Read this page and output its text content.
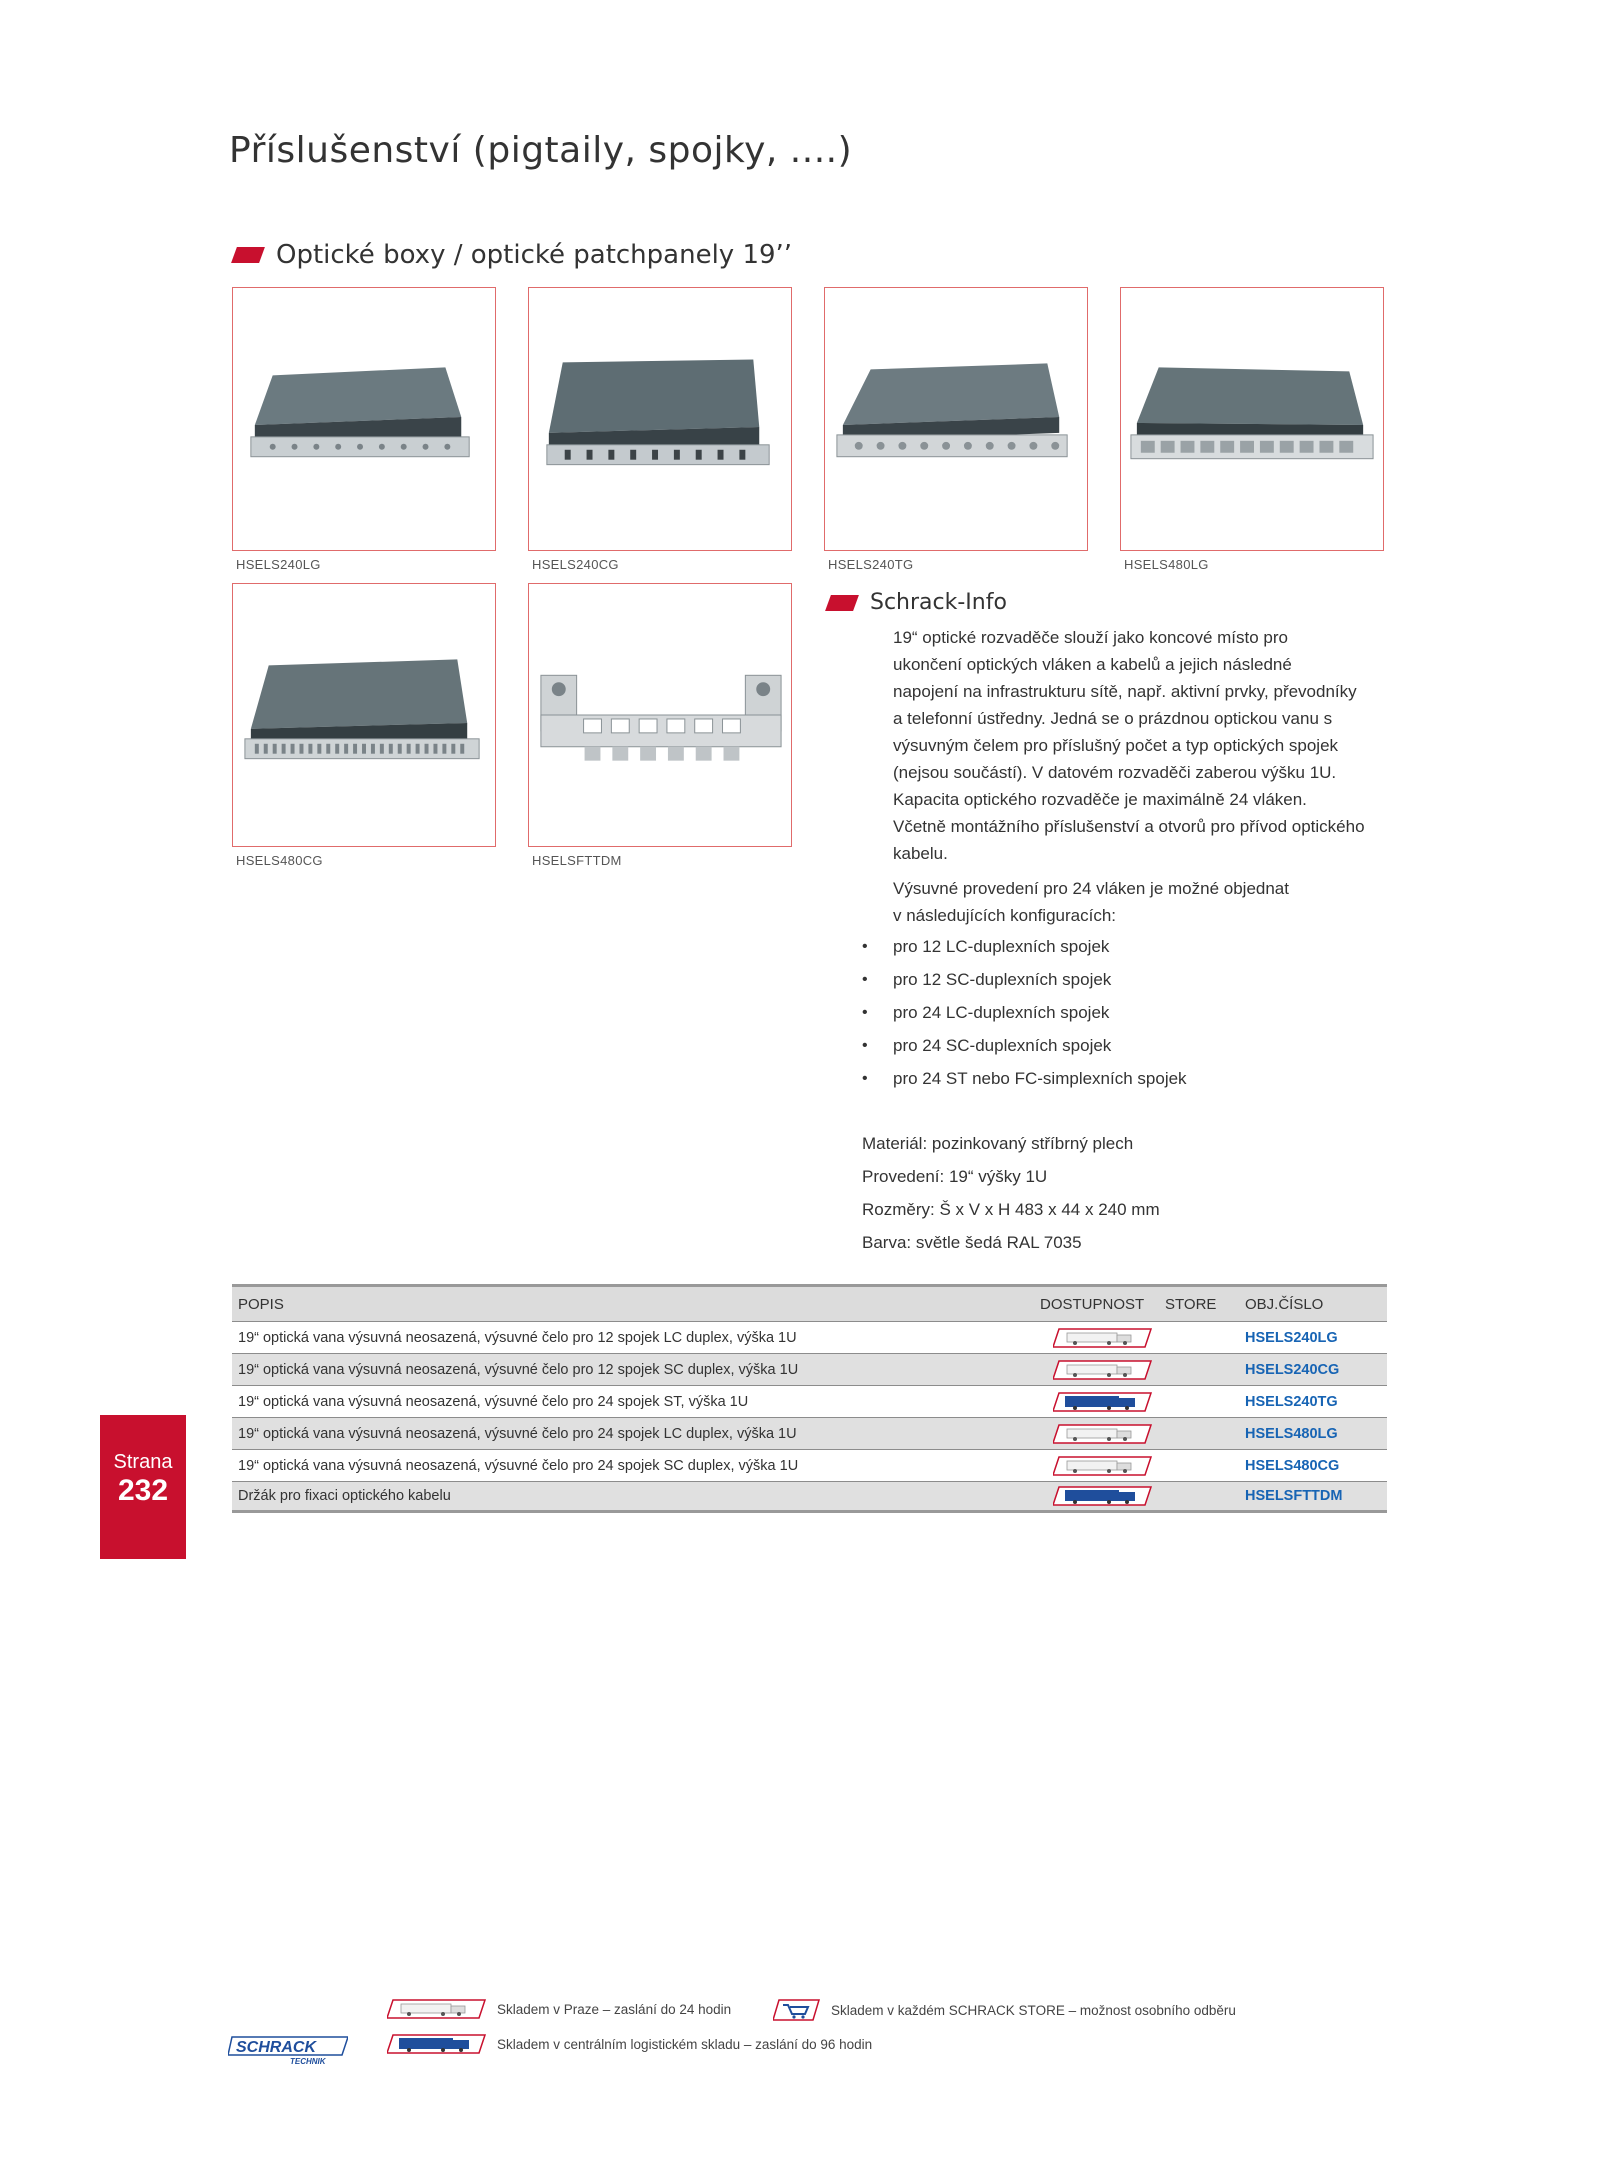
Příslušenství (pigtaily, spojky, ....)
Optické boxy / optické patchpanely 19’’
HSELS240LG	HSELS240CG	HSELS240TG	HSELS480LG
HSELS480CG	HSELSFTTDM
Schrack-Info

19“ optické rozvaděče slouží jako koncové místo pro

ukončení optických vláken a kabelů a jejich následné

napojení na infrastrukturu sítě, např. aktivní prvky, převodníky

a telefonní ústředny. Jedná se o prázdnou optickou vanu s

výsuvným čelem pro příslušný počet a typ optických spojek

(nejsou součástí). V datovém rozvaděči zaberou výšku 1U.

Kapacita optického rozvaděče je maximálně 24 vláken.

Včetně montážního příslušenství a otvorů pro přívod optického

kabelu.

Výsuvné provedení pro 24 vláken je možné objednat

v následujících konfiguracích:

•	pro 12 LC-duplexních spojek
•	pro 12 SC-duplexních spojek
•	pro 24 LC-duplexních spojek
•	pro 24 SC-duplexních spojek
•	pro 24 ST nebo FC-simplexních spojek
Materiál: pozinkovaný stříbrný plech
Provedení: 19“ výšky 1U
Rozměry: Š x V x H 483 x 44 x 240 mm
Barva: světle šedá RAL 7035
POPIS	DOSTUPNOST	STORE	OBJ.ČÍSLO
19“ optická vana výsuvná neosazená, výsuvné čelo pro 12 spojek LC duplex, výška 1U	HSELS240LG
19“ optická vana výsuvná neosazená, výsuvné čelo pro 12 spojek SC duplex, výška 1U	HSELS240CG
19“ optická vana výsuvná neosazená, výsuvné čelo pro 24 spojek ST, výška 1U	HSELS240TG
19“ optická vana výsuvná neosazená, výsuvné čelo pro 24 spojek LC duplex, výška 1U	HSELS480LG
19“ optická vana výsuvná neosazená, výsuvné čelo pro 24 spojek SC duplex, výška 1U	HSELS480CG
Držák pro fixaci optického kabelu	HSELSFTTDM
Strana
232
Skladem v Praze – zaslání do 24 hodin	Skladem v každém SCHRACK STORE – možnost osobního odběru
Skladem v centrálním logistickém skladu – zaslání do 96 hodin
SCHRACK
TECHNIK
